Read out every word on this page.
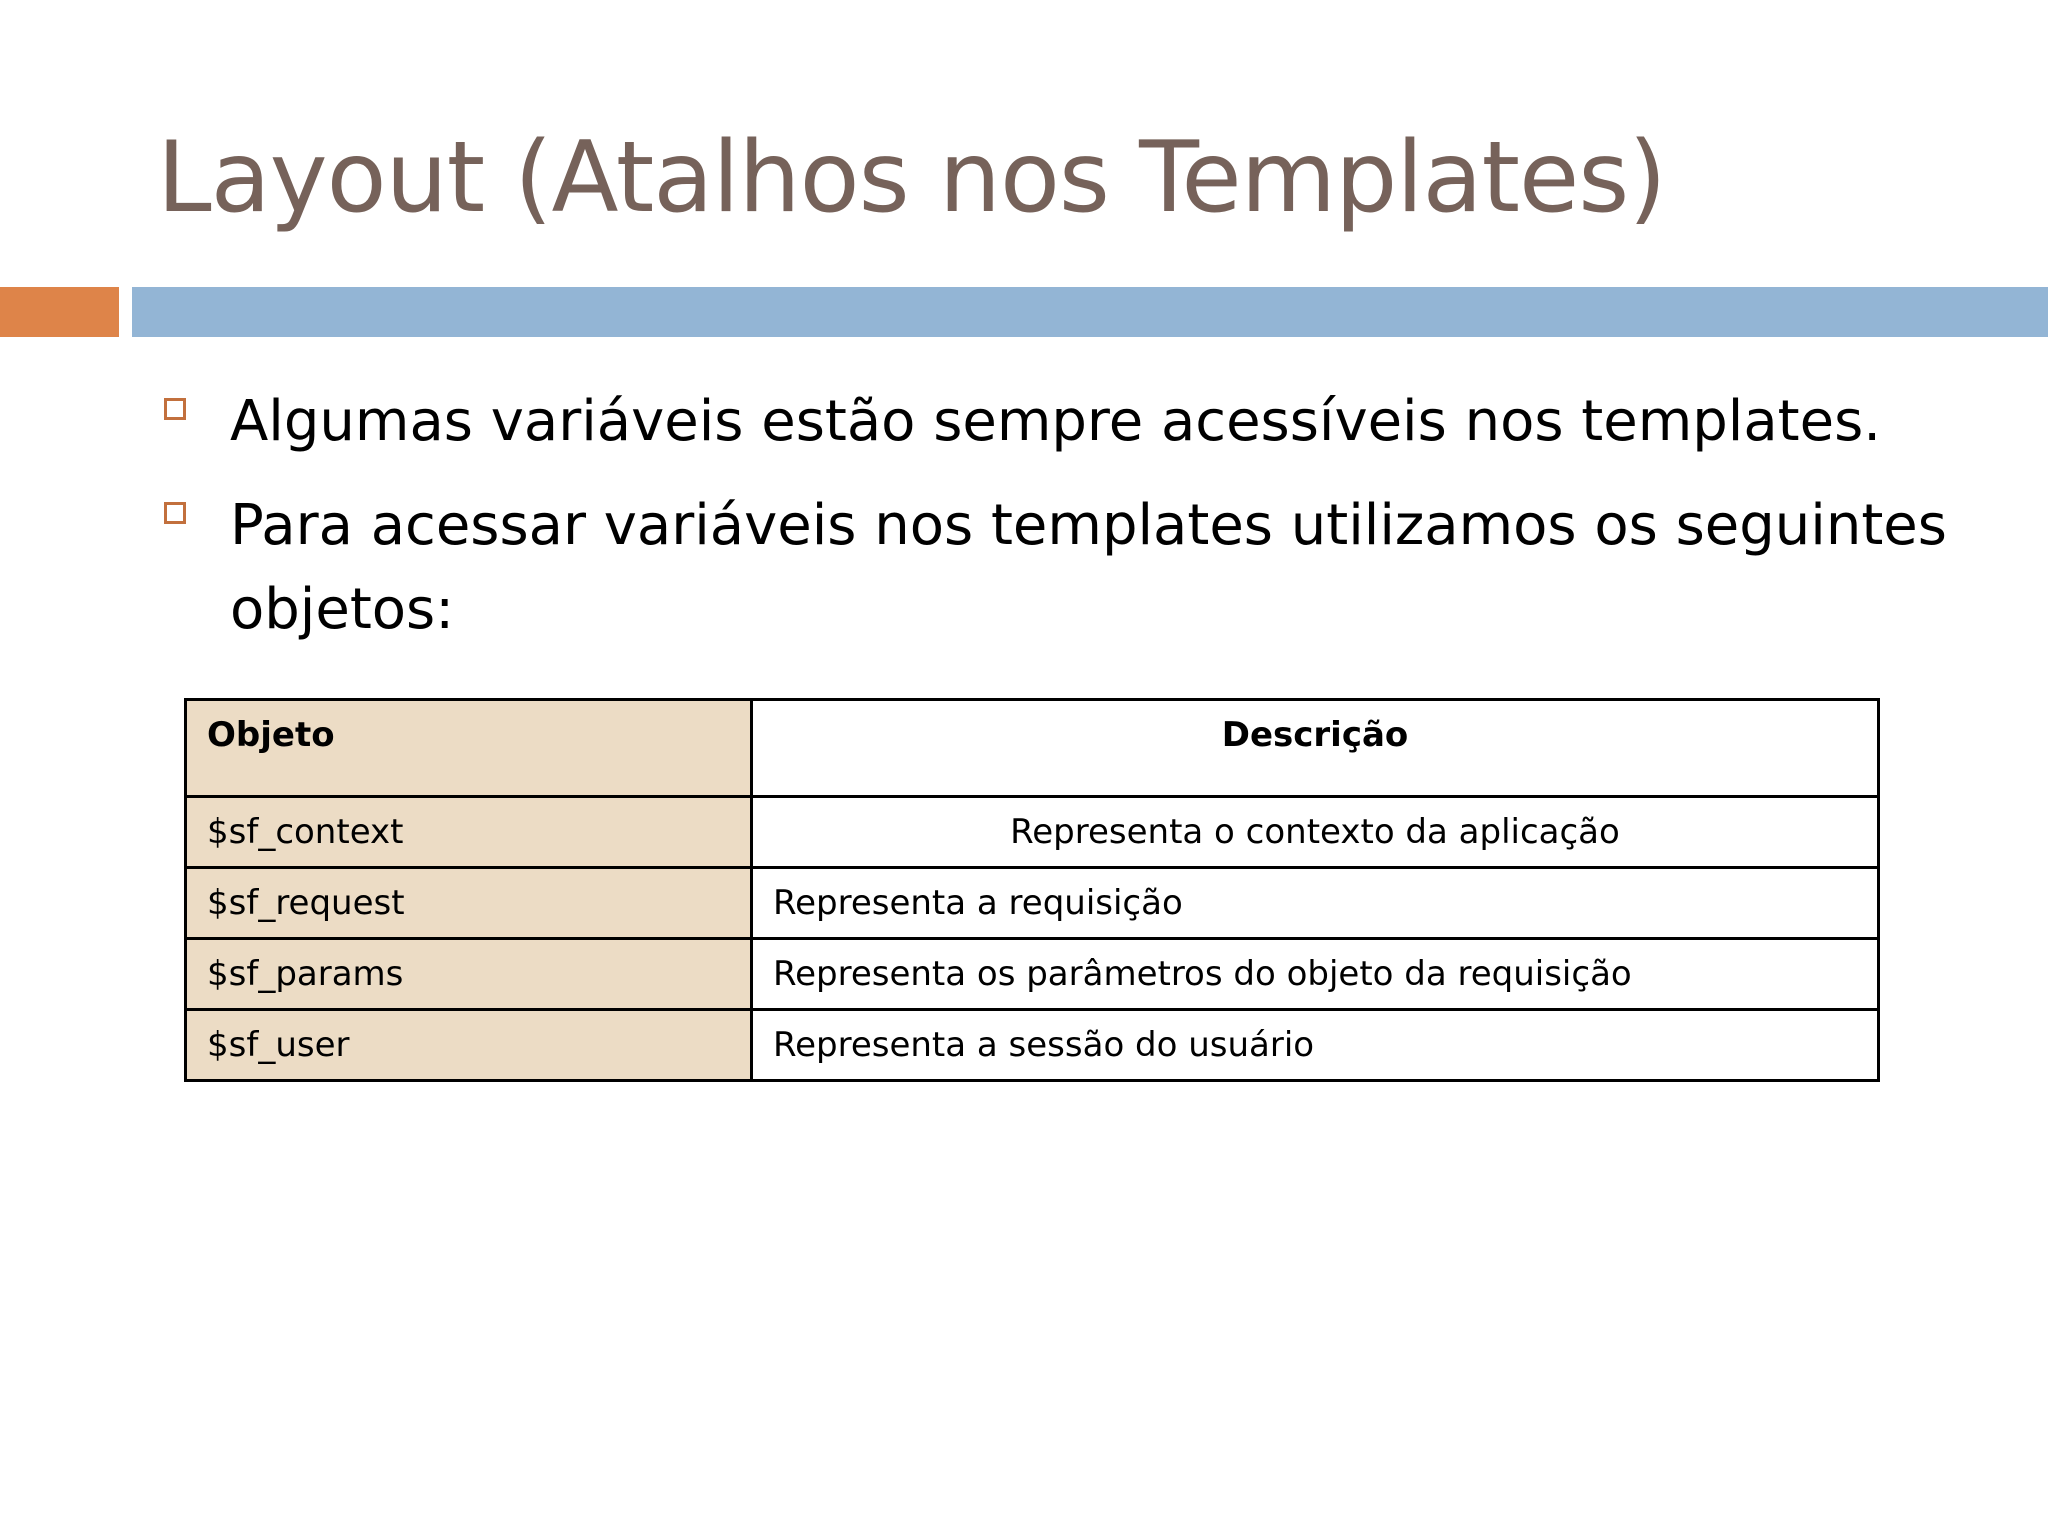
Layout (Atalhos nos Templates)
Algumas variáveis estão sempre acessíveis nos templates.
Para acessar variáveis nos templates utilizamos os seguintes objetos:
Objeto	Descrição
$sf_context	Representa o contexto da aplicação
$sf_request	Representa a requisição
$sf_params	Representa os parâmetros do objeto da requisição
$sf_user	Representa a sessão do usuário
